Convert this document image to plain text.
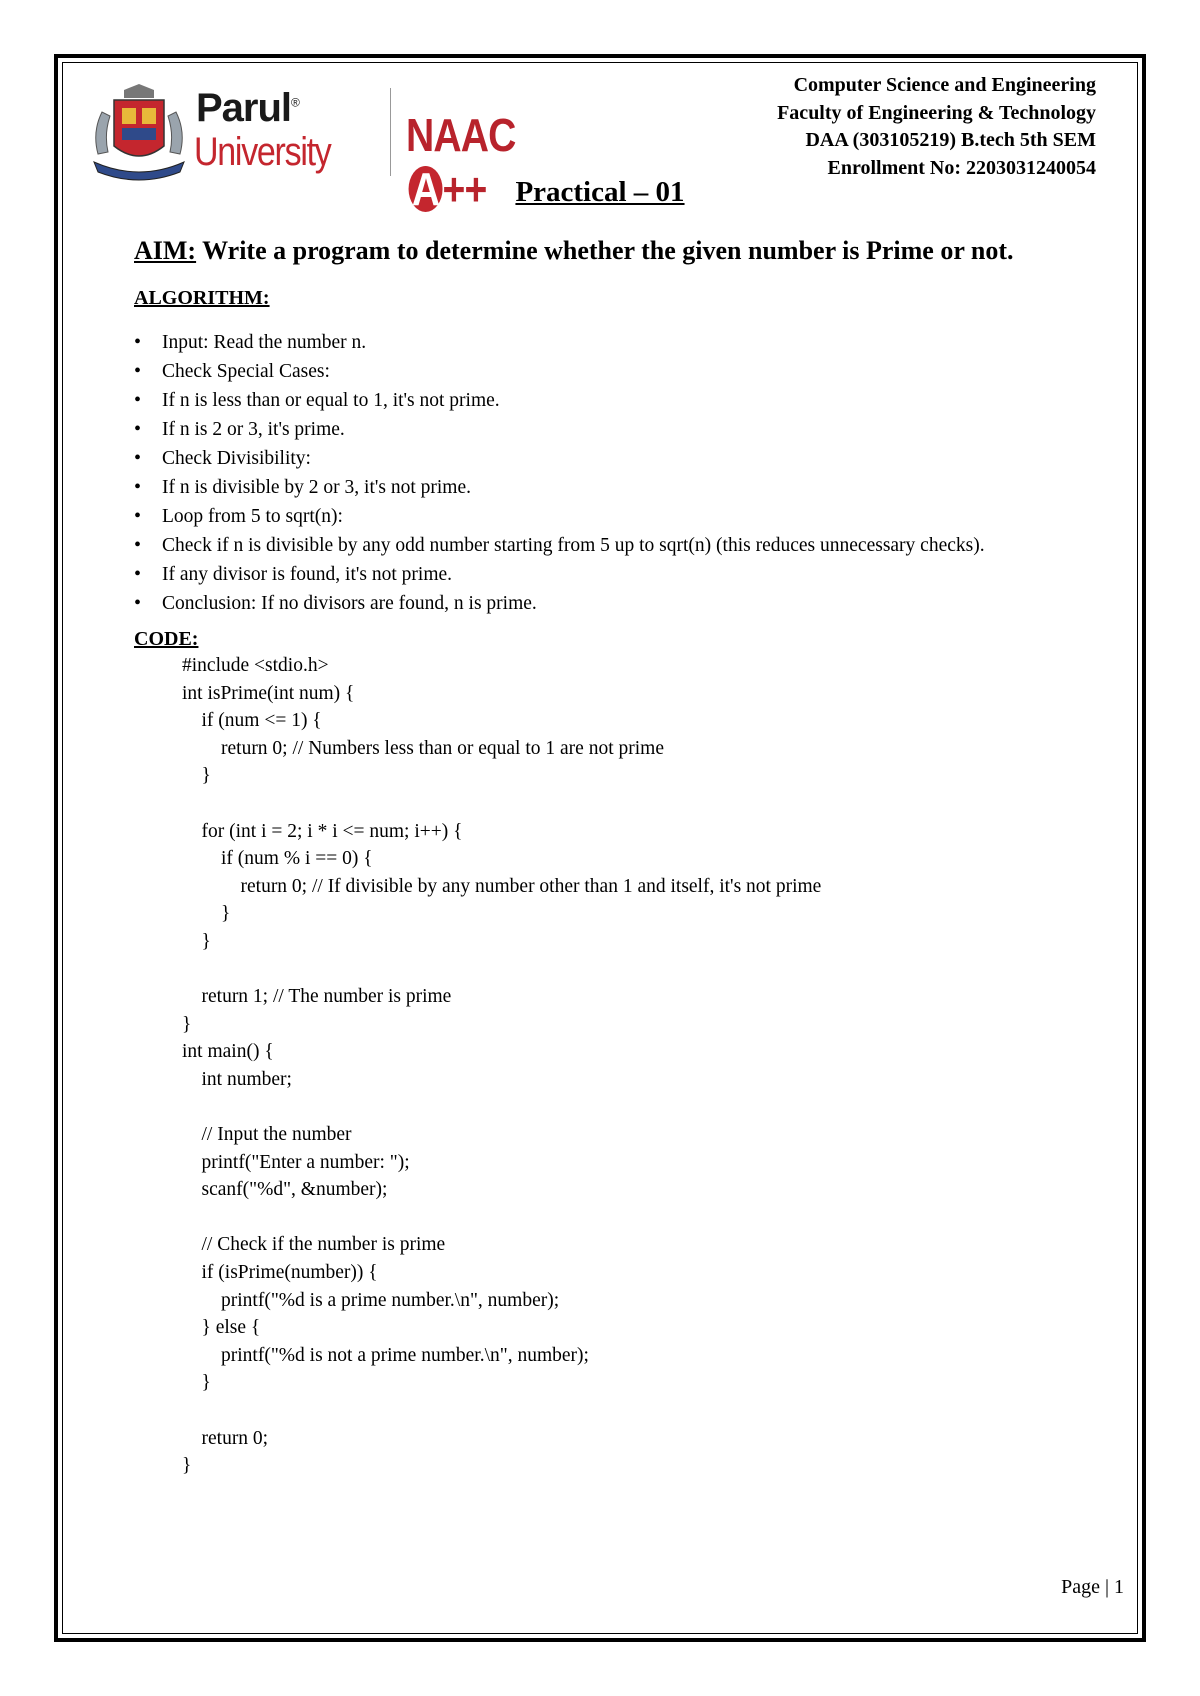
Parul®
University NAACA++
Computer Science and Engineering
Faculty of Engineering & Technology
DAA (303105219) B.tech 5th SEM
Enrollment No: 2203031240054
Practical – 01
AIM: Write a program to determine whether the given number is Prime or not.
ALGORITHM:
• Input: Read the number n.
• Check Special Cases:
• If n is less than or equal to 1, it's not prime.
• If n is 2 or 3, it's prime.
• Check Divisibility:
• If n is divisible by 2 or 3, it's not prime.
• Loop from 5 to sqrt(n):
• Check if n is divisible by any odd number starting from 5 up to sqrt(n) (this reduces unnecessary checks).
• If any divisor is found, it's not prime.
• Conclusion: If no divisors are found, n is prime.
CODE:
#include <stdio.h>
int isPrime(int num) {
if (num <= 1) {
return 0; // Numbers less than or equal to 1 are not prime
}
for (int i = 2; i * i <= num; i++) {
if (num % i == 0) {
return 0; // If divisible by any number other than 1 and itself, it's not prime
}
}
return 1; // The number is prime
}
int main() {
int number;
// Input the number
printf("Enter a number: ");
scanf("%d", &number);
// Check if the number is prime
if (isPrime(number)) {
printf("%d is a prime number.\n", number);
} else {
printf("%d is not a prime number.\n", number);
}
return 0;
}
Page | 1
